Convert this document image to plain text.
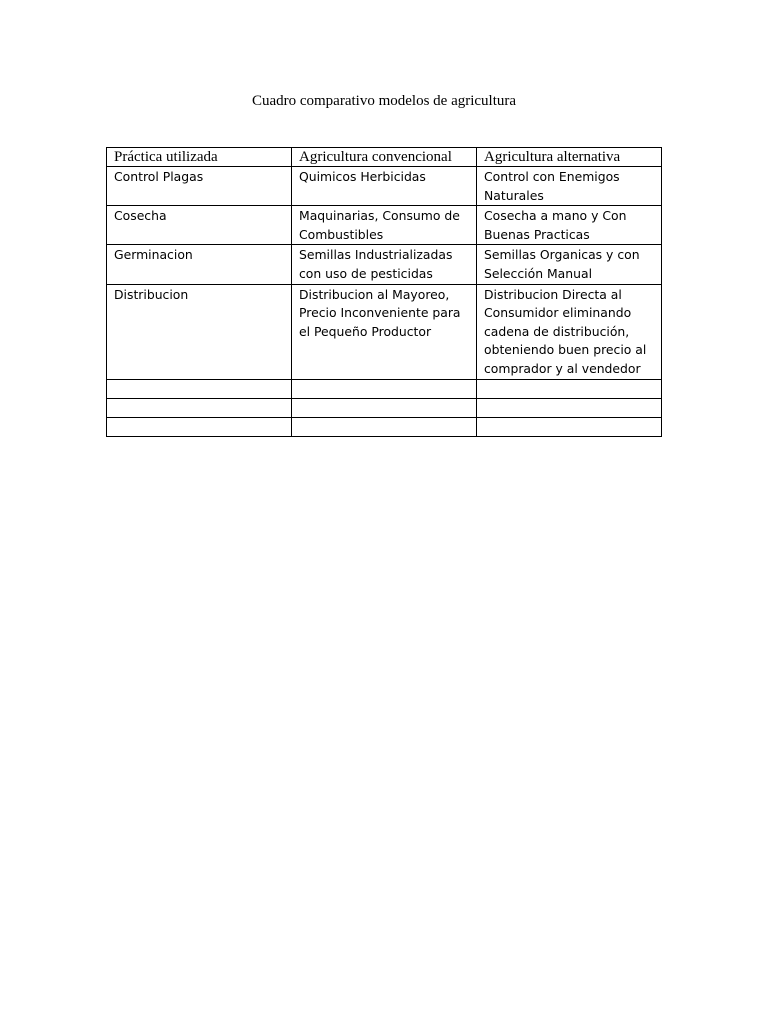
Cuadro comparativo modelos de agricultura
Práctica utilizada	Agricultura convencional	Agricultura alternativa
Control Plagas	Quimicos Herbicidas	Control con Enemigos Naturales
Cosecha	Maquinarias, Consumo de Combustibles	Cosecha a mano y Con Buenas Practicas
Germinacion	Semillas Industrializadas con uso de pesticidas	Semillas Organicas y con Selección Manual
Distribucion	Distribucion al Mayoreo, Precio Inconveniente para el Pequeño Productor	Distribucion Directa al Consumidor eliminando cadena de distribución, obteniendo buen precio al comprador y al vendedor
